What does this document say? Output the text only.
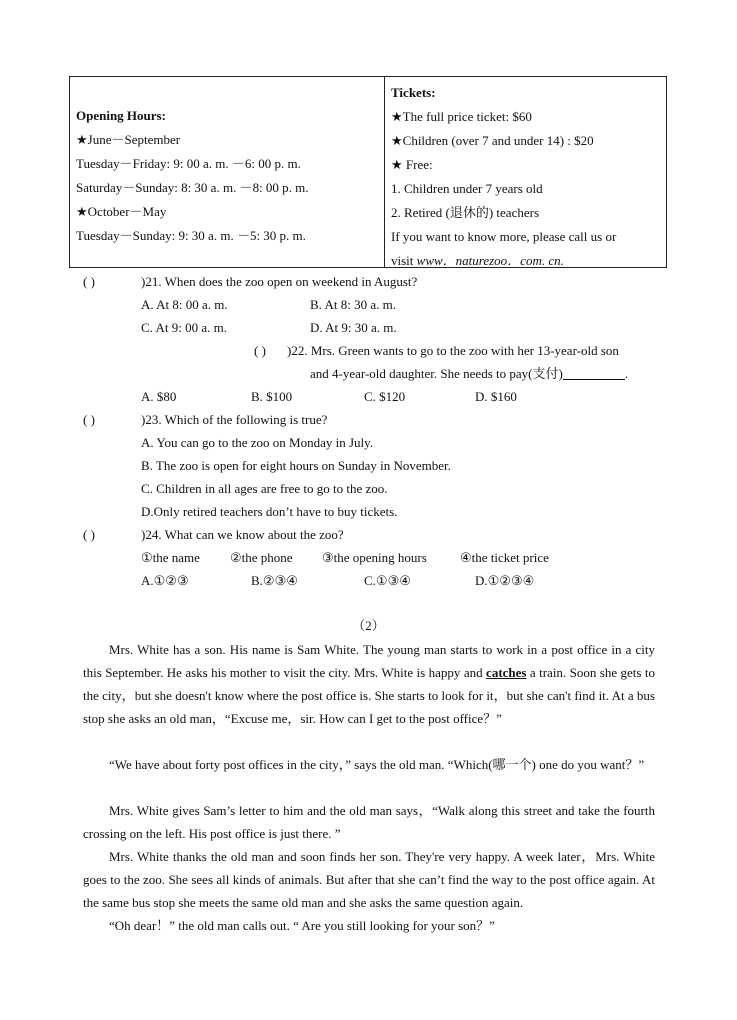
Opening Hours:
★June－September
Tuesday－Friday: 9: 00 a. m. －6: 00 p. m.
Saturday－Sunday: 8: 30 a. m. －8: 00 p. m.
★October－May
Tuesday－Sunday: 9: 30 a. m. －5: 30 p. m.
Tickets:
★The full price ticket: $60
★Children (over 7 and under 14) : $20
★ Free:
1. Children under 7 years old
2. Retired (退休的) teachers
If you want to know more, please call us or
visit www．naturezoo．com. cn.
( )	)21. When does the zoo open on weekend in August?
A. At 8: 00 a. m.	B. At 8: 30 a. m.
C. At 9: 00 a. m.	D. At 9: 30 a. m.
( ) )22. Mrs. Green wants to go to the zoo with her 13-year-old son
and 4-year-old daughter. She needs to pay(支付)	.
A. $80	B. $100	C. $120	D. $160
( )	)23. Which of the following is true?
A. You can go to the zoo on Monday in July.
B. The zoo is open for eight hours on Sunday in November.
C. Children in all ages are free to go to the zoo.
D.Only retired teachers don’t have to buy tickets.
( )	)24. What can we know about the zoo?
①the name ②the phone ③the opening hours	④the ticket price
A.①②③	B.②③④	C.①③④	D.①②③④
（2）
Mrs. White has a son. His name is Sam White. The young man starts to work in a post office in a city this September. He asks his mother to visit the city. Mrs. White is happy and catches a train. Soon she gets to the city，but she doesn't know where the post office is. She starts to look for it，but she can't find it. At a bus stop she asks an old man，“Excuse me，sir. How can I get to the post office？”
“We have about forty post offices in the city，” says the old man. “Which(哪一个) one do you want？”
Mrs. White gives Sam’s letter to him and the old man says，“Walk along this street and take the fourth crossing on the left. His post office is just there. ”
Mrs. White thanks the old man and soon finds her son. They're very happy. A week later，Mrs. White goes to the zoo. She sees all kinds of animals. But after that she can’t find the way to the post office again. At the same bus stop she meets the same old man and she asks the same question again.
“Oh dear！” the old man calls out. “ Are you still looking for your son？”
